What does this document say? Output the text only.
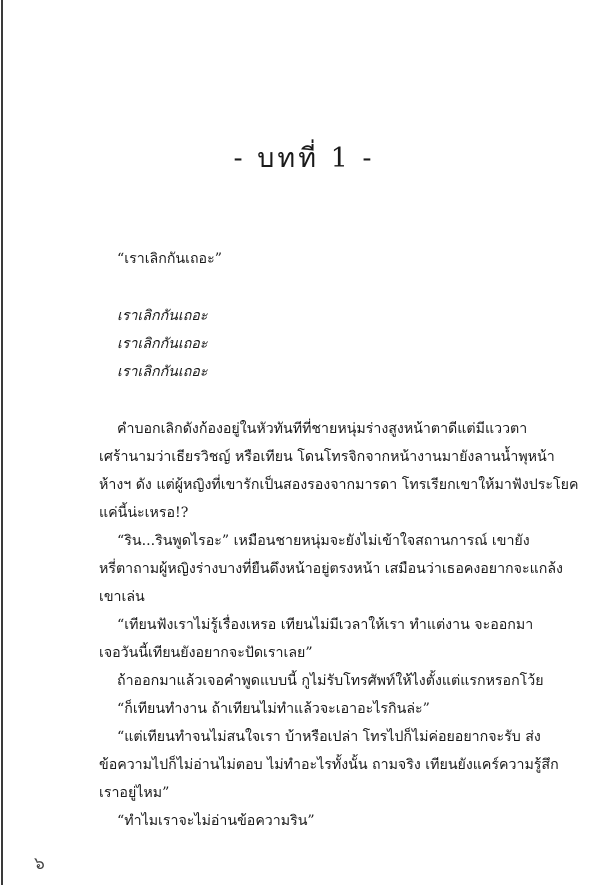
- บทที่ 1 -
“เราเลิกกันเถอะ”
เราเลิกกันเถอะ
เราเลิกกันเถอะ
เราเลิกกันเถอะ
คำบอกเลิกดังก้องอยู่ในหัวทันทีที่ชายหนุ่มร่างสูงหน้าตาดีแต่มีแววตา
เศร้านามว่าเธียรวิชญ์ หรือเทียน โดนโทรจิกจากหน้างานมายังลานน้ำพุหน้า
ห้างฯ ดัง แต่ผู้หญิงที่เขารักเป็นสองรองจากมารดา โทรเรียกเขาให้มาฟังประโยค
แค่นี้น่ะเหรอ!?
“ริน...รินพูดไรอะ” เหมือนชายหนุ่มจะยังไม่เข้าใจสถานการณ์ เขายัง
หรี่ตาถามผู้หญิงร่างบางที่ยืนดึงหน้าอยู่ตรงหน้า เสมือนว่าเธอคงอยากจะแกล้ง
เขาเล่น
“เทียนฟังเราไม่รู้เรื่องเหรอ เทียนไม่มีเวลาให้เรา ทำแต่งาน จะออกมา
เจอวันนี้เทียนยังอยากจะปัดเราเลย”
ถ้าออกมาแล้วเจอคำพูดแบบนี้ กูไม่รับโทรศัพท์ให้ไงตั้งแต่แรกหรอกโว้ย
“ก็เทียนทำงาน ถ้าเทียนไม่ทำแล้วจะเอาอะไรกินล่ะ”
“แต่เทียนทำจนไม่สนใจเรา บ้าหรือเปล่า โทรไปก็ไม่ค่อยอยากจะรับ ส่ง
ข้อความไปก็ไม่อ่านไม่ตอบ ไม่ทำอะไรทั้งนั้น ถามจริง เทียนยังแคร์ความรู้สึก
เราอยู่ไหม”
“ทำไมเราจะไม่อ่านข้อความริน”
๖
